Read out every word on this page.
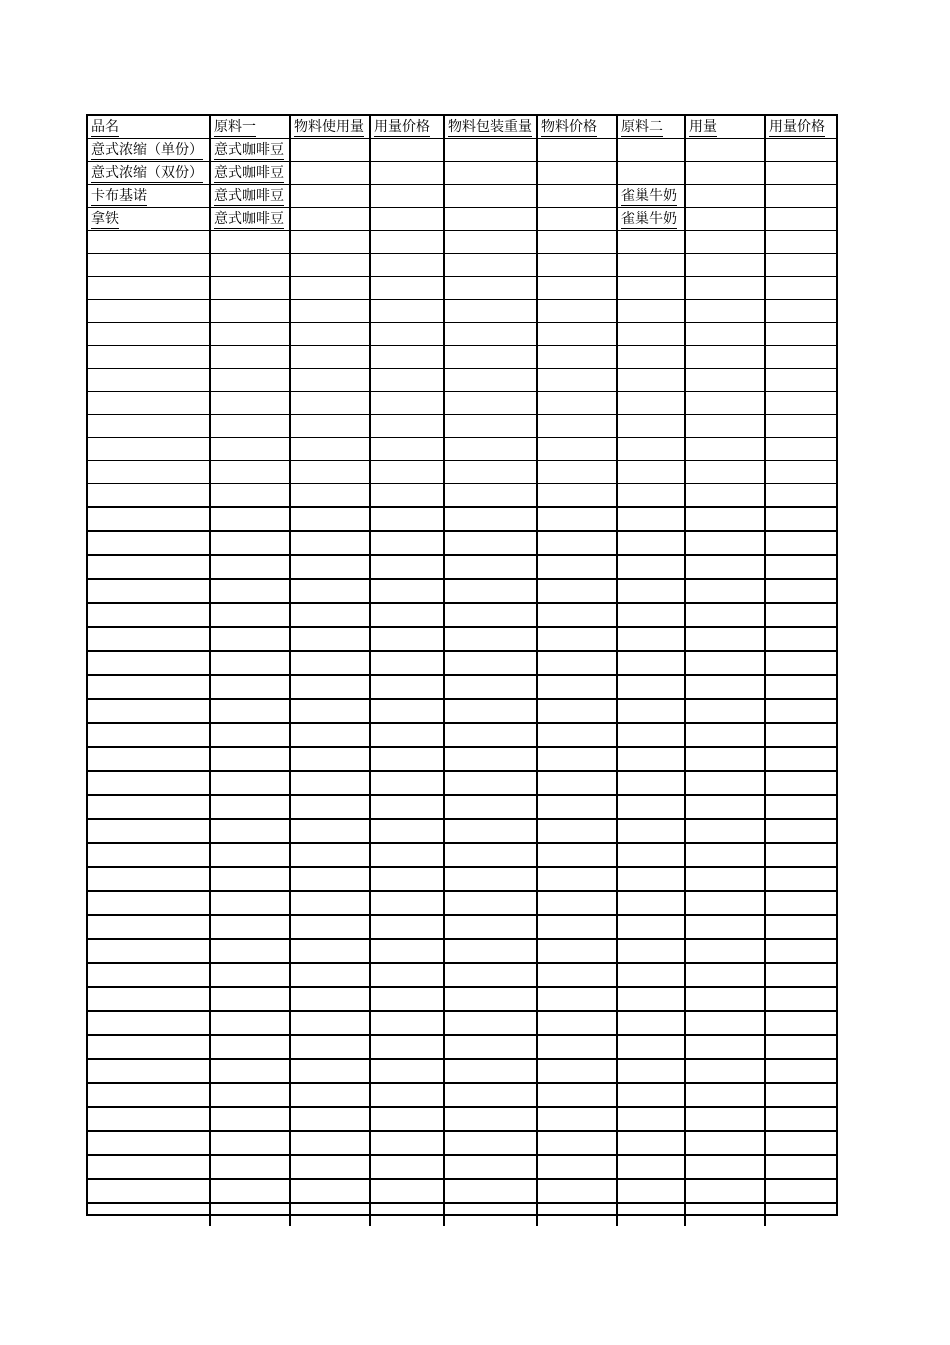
品名	原料一	物料使用量	用量价格	物料包装重量	物料价格	原料二	用量	用量价格
意式浓缩（单份）	意式咖啡豆							
意式浓缩（双份）	意式咖啡豆							
卡布基诺	意式咖啡豆					雀巢牛奶		
拿铁	意式咖啡豆					雀巢牛奶		
